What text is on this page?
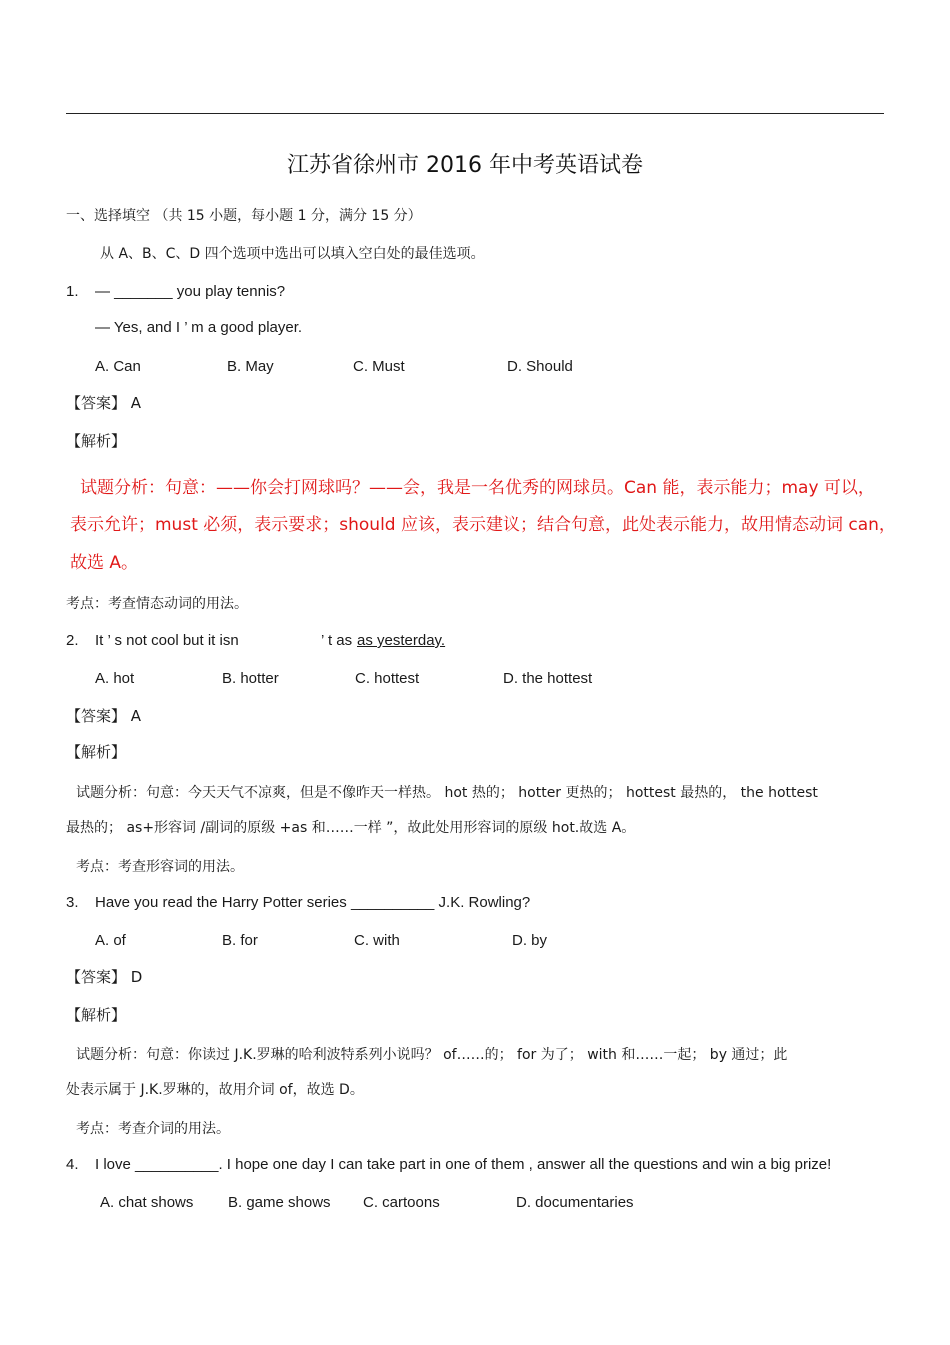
江苏省徐州市 2016 年中考英语试卷
一、选择填空 （共 15 小题，每小题 1 分，满分 15 分）
从 A、B、C、D 四个选项中选出可以填入空白处的最佳选项。
1. — _______ you play tennis?
— Yes, and I ’ m a good player.
A. Can	B. May	C. Must	D. Should
【答案】 A
【解析】
试题分析：句意：——你会打网球吗？——会，我是一名优秀的网球员。Can 能，表示能力；may 可以，
表示允许；must 必须，表示要求；should 应该，表示建议；结合句意，此处表示能力，故用情态动词 can，
故选 A。
考点：考查情态动词的用法。
2. It ’ s not cool but it isn	’ t as as yesterday.
A. hot	B. hotter	C. hottest	D. the hottest
【答案】 A
【解析】
试题分析：句意：今天天气不凉爽，但是不像昨天一样热。 hot 热的； hotter 更热的； hottest 最热的， the hottest
最热的； as+形容词 /副词的原级 +as 和……一样 ”，故此处用形容词的原级 hot.故选 A。
考点：考查形容词的用法。
3. Have you read the Harry Potter series __________ J.K. Rowling?
A. of	B. for	C. with	D. by
【答案】 D
【解析】
试题分析：句意：你读过 J.K.罗琳的哈利波特系列小说吗？ of……的； for 为了； with 和……一起； by 通过；此
处表示属于 J.K.罗琳的，故用介词 of，故选 D。
考点：考查介词的用法。
4. I love __________. I hope one day I can take part in one of them , answer all the questions and win a big prize!
A. chat shows B. game shows C. cartoons	D. documentaries
